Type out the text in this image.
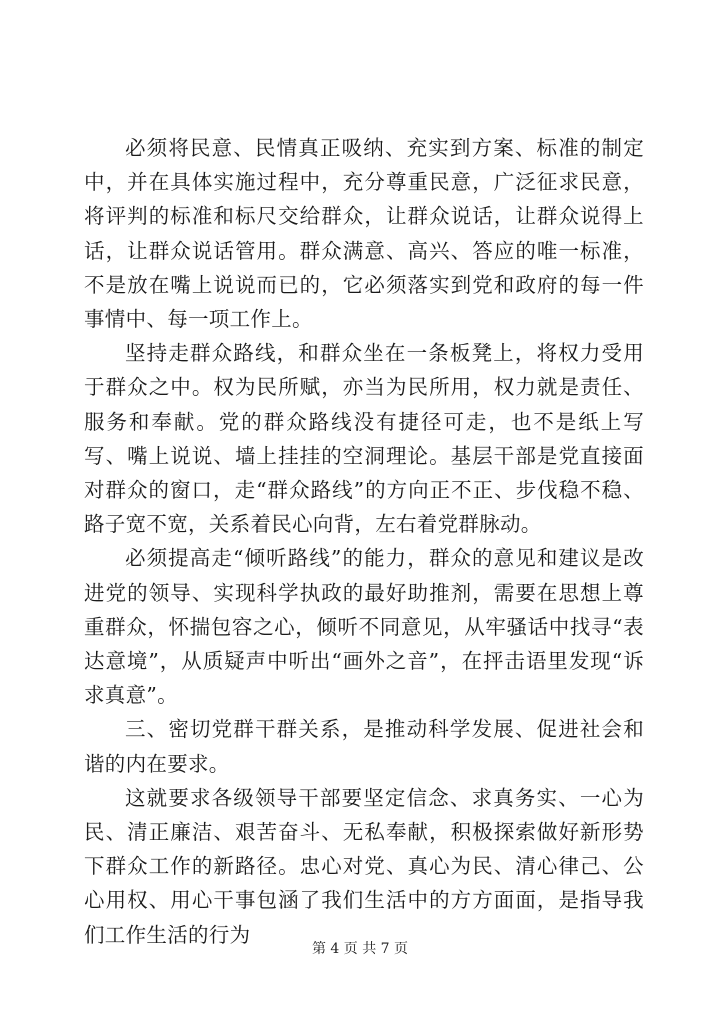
必须将民意、民情真正吸纳、充实到方案、标准的制定中，并在具体实施过程中，充分尊重民意，广泛征求民意，将评判的标准和标尺交给群众，让群众说话，让群众说得上话，让群众说话管用。群众满意、高兴、答应的唯一标准，不是放在嘴上说说而已的，它必须落实到党和政府的每一件事情中、每一项工作上。

坚持走群众路线，和群众坐在一条板凳上，将权力受用于群众之中。权为民所赋，亦当为民所用，权力就是责任、服务和奉献。党的群众路线没有捷径可走，也不是纸上写写、嘴上说说、墙上挂挂的空洞理论。基层干部是党直接面对群众的窗口，走“群众路线”的方向正不正、步伐稳不稳、路子宽不宽，关系着民心向背，左右着党群脉动。

必须提高走“倾听路线”的能力，群众的意见和建议是改进党的领导、实现科学执政的最好助推剂，需要在思想上尊重群众，怀揣包容之心，倾听不同意见，从牢骚话中找寻“表达意境”，从质疑声中听出“画外之音”，在抨击语里发现“诉求真意”。

三、密切党群干群关系，是推动科学发展、促进社会和谐的内在要求。

这就要求各级领导干部要坚定信念、求真务实、一心为民、清正廉洁、艰苦奋斗、无私奉献，积极探索做好新形势下群众工作的新路径。忠心对党、真心为民、清心律己、公心用权、用心干事包涵了我们生活中的方方面面，是指导我们工作生活的行为

第 4 页 共 7 页
